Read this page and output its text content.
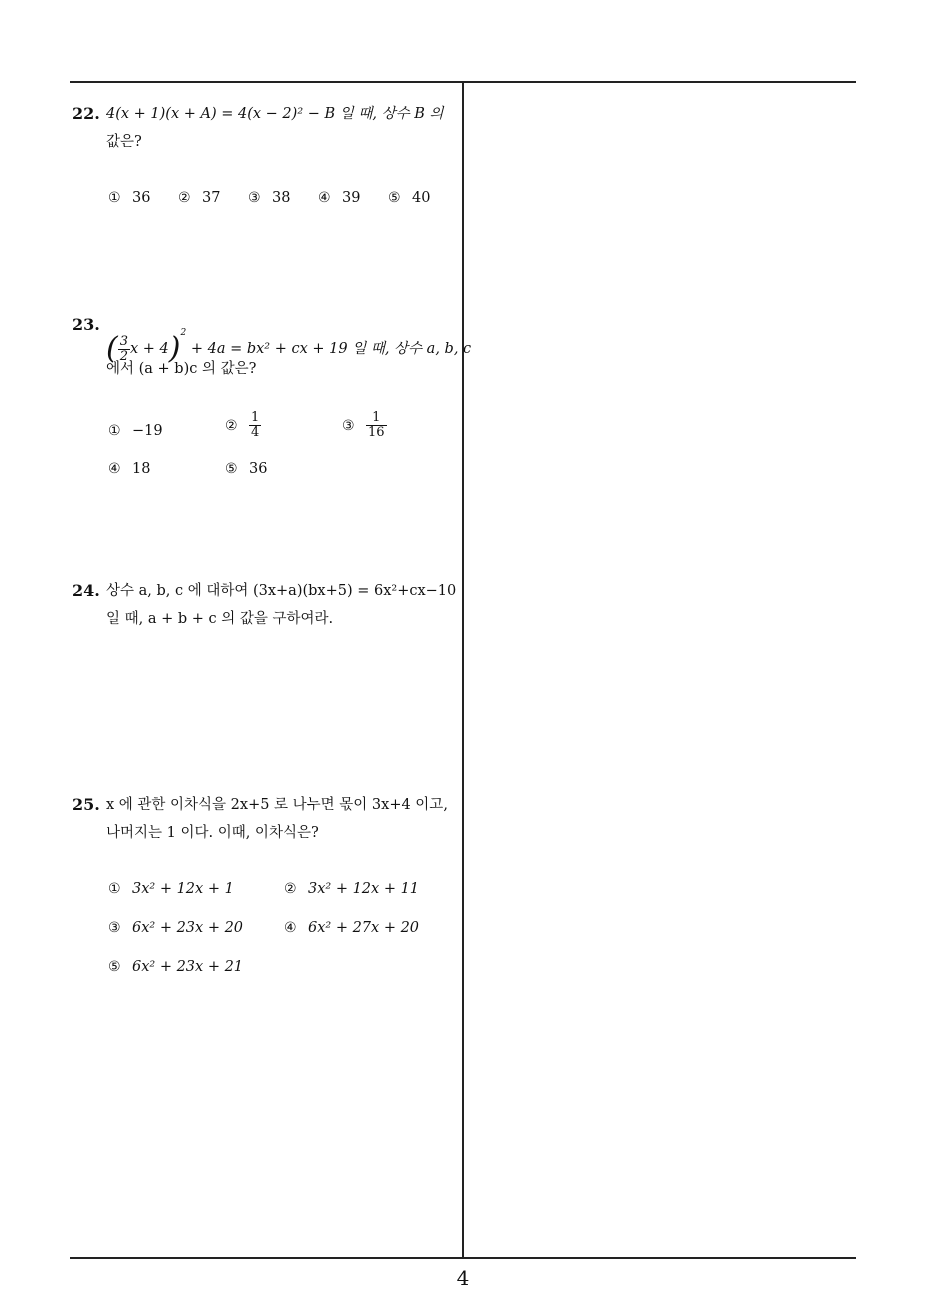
22. 4(x + 1)(x + A) = 4(x − 2)² − B 일 때, 상수 B 의
값은?
① 36 ② 37 ③ 38 ④ 39 ⑤ 40
23.
( $\frac{3}{2}$ x + 4)$^2$ + 4a = bx² + cx + 19 일 때, 상수 a, b, c
에서 (a + b)c 의 값은?
① −19	② $\frac{1}{4}$	③ $\frac{1}{16}$
④ 18	⑤ 36
24. 상수 a, b, c 에 대하여 (3x+a)(bx+5) = 6x²+cx−10
일 때, a + b + c 의 값을 구하여라.
25. x 에 관한 이차식을 2x+5 로 나누면 몫이 3x+4 이고,
나머지는 1 이다. 이때, 이차식은?
① 3x² + 12x + 1	② 3x² + 12x + 11
③ 6x² + 23x + 20	④ 6x² + 27x + 20
⑤ 6x² + 23x + 21
4
